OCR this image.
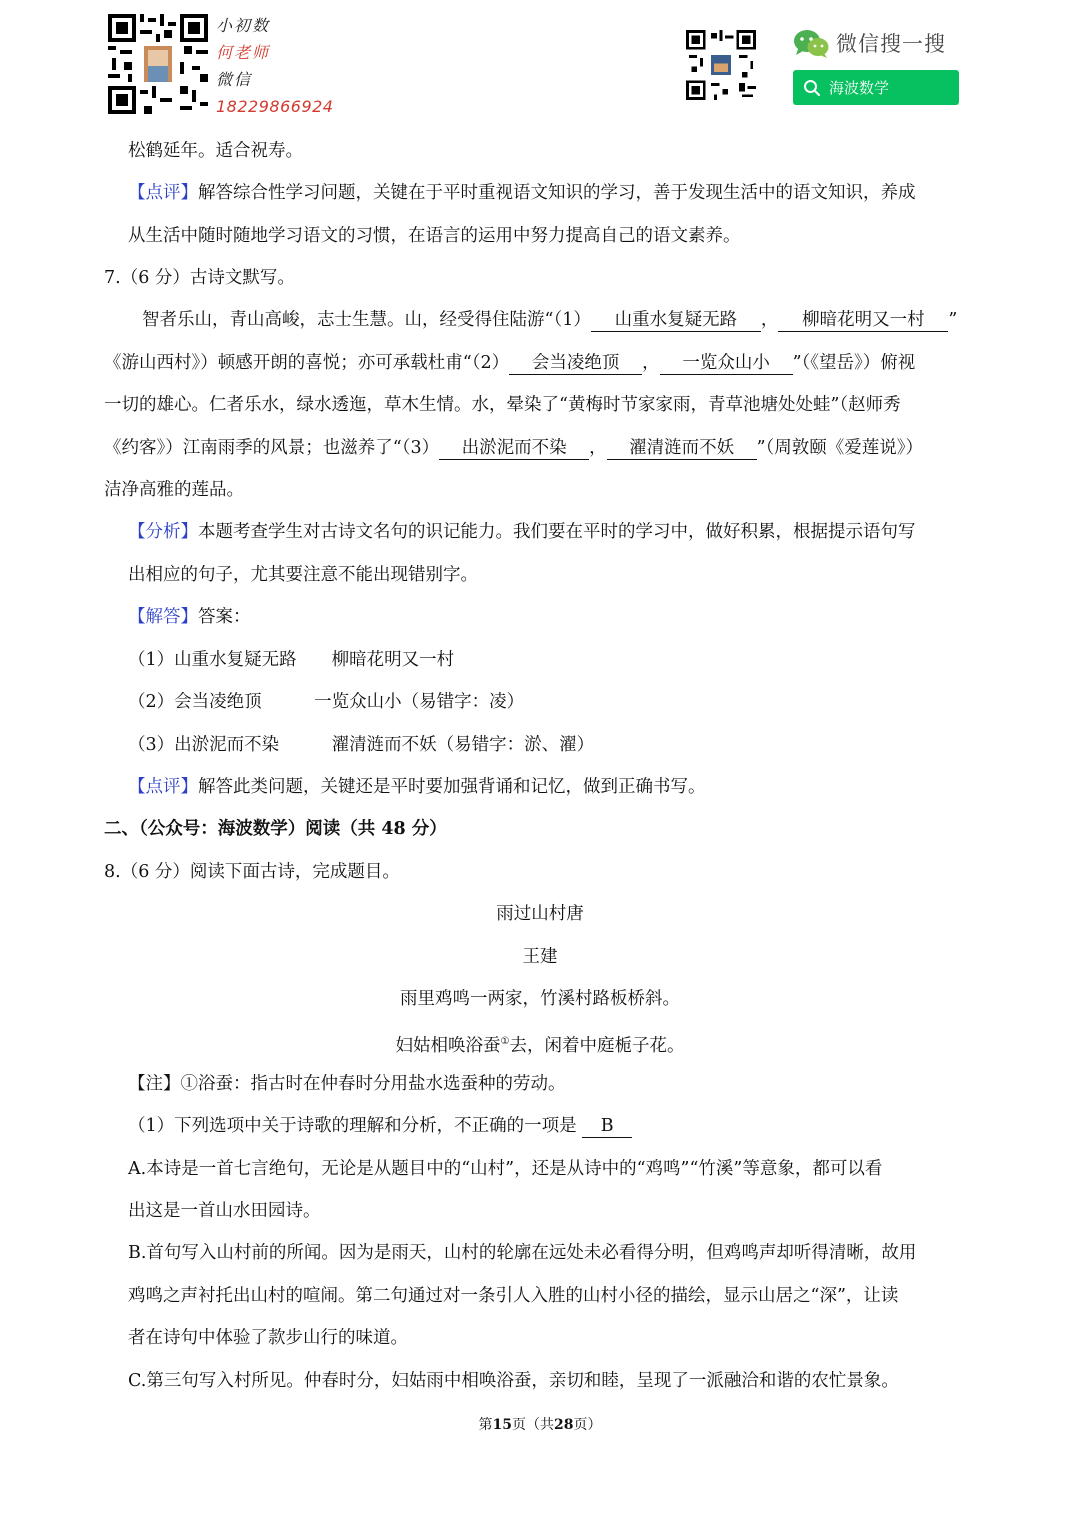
小初数
何老师
微信
18229866924
微信搜一搜
海波数学
松鹤延年。适合祝寿。
【点评】解答综合性学习问题，关键在于平时重视语文知识的学习，善于发现生活中的语文知识，养成
从生活中随时随地学习语文的习惯，在语言的运用中努力提高自己的语文素养。
7.（6 分）古诗文默写。
智者乐山，青山高峻，志士生慧。山，经受得住陆游“（1） 山重水复疑无路 ， 柳暗花明又一村 ”
《游山西村》）顿感开朗的喜悦；亦可承载杜甫“（2） 会当凌绝顶 ， 一览众山小 ”（《望岳》）俯视
一切的雄心。仁者乐水，绿水透迤，草木生情。水，晕染了“黄梅时节家家雨，青草池塘处处蛙”（赵师秀
《约客》）江南雨季的风景；也滋养了“（3） 出淤泥而不染 ， 濯清涟而不妖 ”（周敦颐《爱莲说》）
洁净高雅的莲品。
【分析】本题考查学生对古诗文名句的识记能力。我们要在平时的学习中，做好积累，根据提示语句写
出相应的句子，尤其要注意不能出现错别字。
【解答】答案：
（1）山重水复疑无路　　柳暗花明又一村
（2）会当凌绝顶　　　一览众山小（易错字：凌）
（3）出淤泥而不染　　　濯清涟而不妖（易错字：淤、濯）
【点评】解答此类问题，关键还是平时要加强背诵和记忆，做到正确书写。
二、（公众号：海波数学）阅读（共 48 分）
8.（6 分）阅读下面古诗，完成题目。
雨过山村唐
王建
雨里鸡鸣一两家，竹溪村路板桥斜。
妇姑相唤浴蚕①去，闲着中庭栀子花。
【注】①浴蚕：指古时在仲春时分用盐水选蚕种的劳动。
（1）下列选项中关于诗歌的理解和分析，不正确的一项是 B
A.本诗是一首七言绝句，无论是从题目中的“山村”，还是从诗中的“鸡鸣”“竹溪”等意象，都可以看
出这是一首山水田园诗。
B.首句写入山村前的所闻。因为是雨天，山村的轮廓在远处未必看得分明，但鸡鸣声却听得清晰，故用
鸡鸣之声衬托出山村的喧闹。第二句通过对一条引人入胜的山村小径的描绘，显示山居之“深”，让读
者在诗句中体验了款步山行的味道。
C.第三句写入村所见。仲春时分，妇姑雨中相唤浴蚕，亲切和睦，呈现了一派融洽和谐的农忙景象。
第15页（共28页）
